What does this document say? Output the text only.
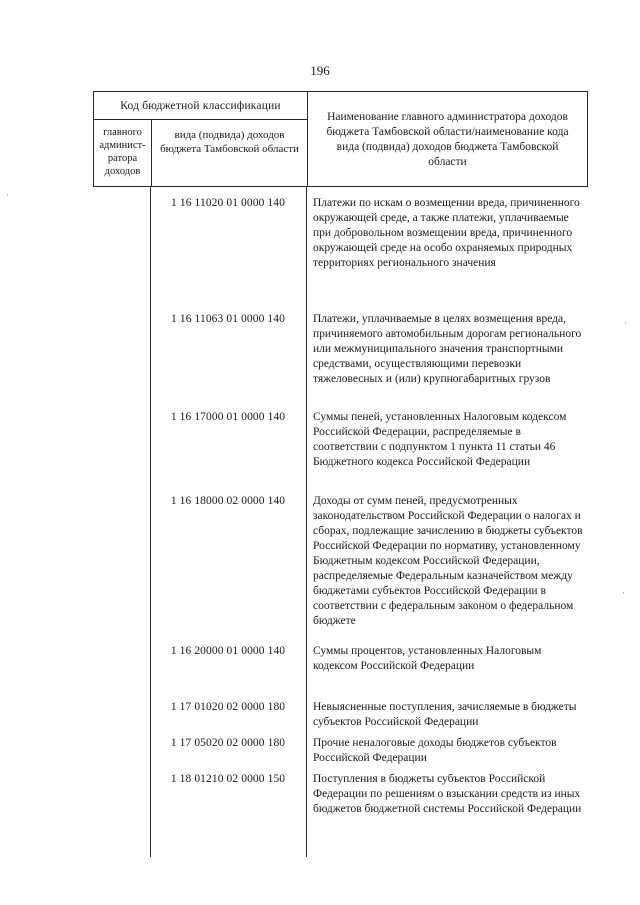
196
Код бюджетной классификации
главного админист-ратора доходов
вида (подвида) доходов бюджета Тамбовской области
Наименование главного администратора доходов бюджета Тамбовской области/наименование кода вида (подвида) доходов бюджета Тамбовской области
1 16 11020 01 0000 140	Платежи по искам о возмещении вреда, причиненного окружающей среде, а также платежи, уплачиваемые при добровольном возмещении вреда, причиненного окружающей среде на особо охраняемых природных территориях регионального значения
1 16 11063 01 0000 140	Платежи, уплачиваемые в целях возмещения вреда, причиняемого автомобильным дорогам регионального или межмуниципального значения транспортными средствами, осуществляющими перевозки тяжеловесных и (или) крупногабаритных грузов
1 16 17000 01 0000 140	Суммы пеней, установленных Налоговым кодексом Российской Федерации, распределяемые в соответствии с подпунктом 1 пункта 11 статьи 46 Бюджетного кодекса Российской Федерации
1 16 18000 02 0000 140	Доходы от сумм пеней, предусмотренных законодательством Российской Федерации о налогах и сборах, подлежащие зачислению в бюджеты субъектов Российской Федерации по нормативу, установленному Бюджетным кодексом Российской Федерации, распределяемые Федеральным казначейством между бюджетами субъектов Российской Федерации в соответствии с федеральным законом о федеральном бюджете
1 16 20000 01 0000 140	Суммы процентов, установленных Налоговым кодексом Российской Федерации
1 17 01020 02 0000 180	Невыясненные поступления, зачисляемые в бюджеты субъектов Российской Федерации
1 17 05020 02 0000 180	Прочие неналоговые доходы бюджетов субъектов Российской Федерации
1 18 01210 02 0000 150	Поступления в бюджеты субъектов Российской Федерации по решениям о взыскании средств из иных бюджетов бюджетной системы Российской Федерации
·
·
·
